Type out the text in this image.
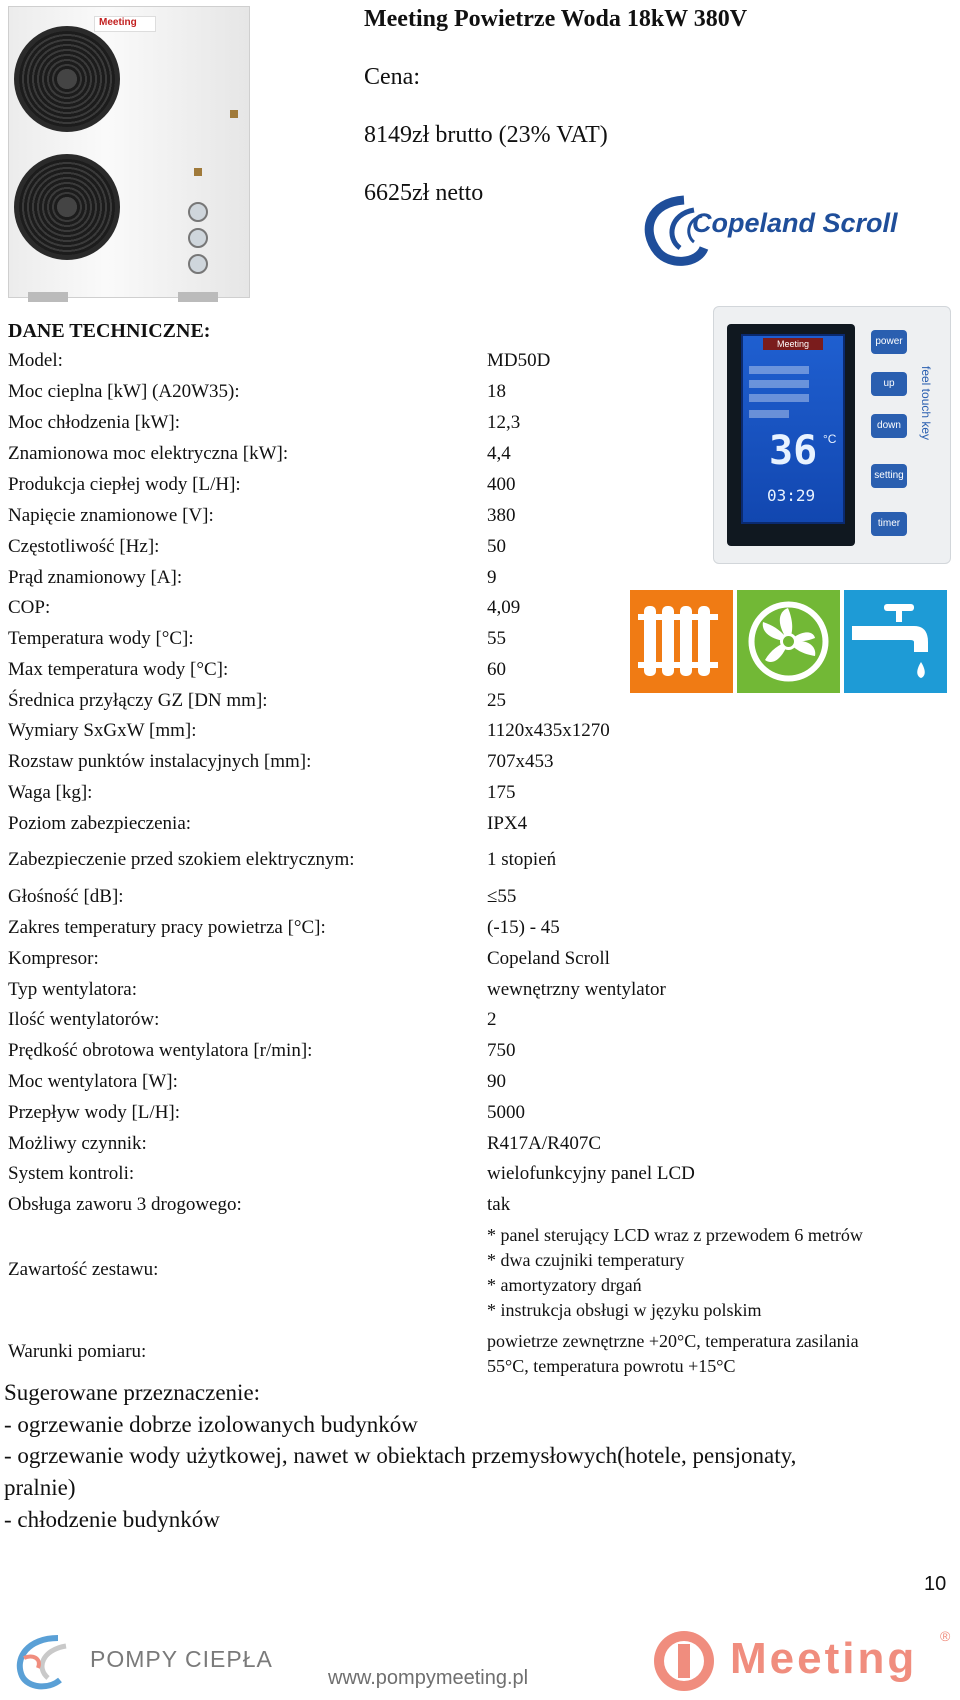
Meeting	Meeting Powietrze Woda 18kW 380V
Cena:
8149zł brutto (23% VAT)
6625zł netto
Copeland Scroll
Meeting
36 °C
03:29
power
up
down
setting
timer
feel touch key
DANE TECHNICZNE:
Model:	MD50D
Moc cieplna [kW] (A20W35):	18
Moc chłodzenia [kW]:	12,3
Znamionowa moc elektryczna [kW]:	4,4
Produkcja ciepłej wody [L/H]:	400
Napięcie znamionowe [V]:	380
Częstotliwość [Hz]:	50
Prąd znamionowy [A]:	9
COP:	4,09
Temperatura wody [°C]:	55
Max temperatura wody [°C]:	60
Średnica przyłączy GZ [DN mm]:	25
Wymiary SxGxW [mm]:	1120x435x1270
Rozstaw punktów instalacyjnych [mm]:	707x453
Waga [kg]:	175
Poziom zabezpieczenia:	IPX4
Zabezpieczenie przed szokiem elektrycznym:	1 stopień
Głośność [dB]:	≤55
Zakres temperatury pracy powietrza [°C]:	(-15) - 45
Kompresor:	Copeland Scroll
Typ wentylatora:	wewnętrzny wentylator
Ilość wentylatorów:	2
Prędkość obrotowa wentylatora [r/min]:	750
Moc wentylatora [W]:	90
Przepływ wody [L/H]:	5000
Możliwy czynnik:	R417A/R407C
System kontroli:	wielofunkcyjny panel LCD
Obsługa zaworu 3 drogowego:	tak
Zawartość zestawu:
* panel sterujący LCD wraz z przewodem 6 metrów
* dwa czujniki temperatury
* amortyzatory drgań
* instrukcja obsługi w języku polskim
Warunki pomiaru:	powietrze zewnętrzne +20°C, temperatura zasilania
55°C, temperatura powrotu +15°C
Sugerowane przeznaczenie:
- ogrzewanie dobrze izolowanych budynków
- ogrzewanie wody użytkowej, nawet w obiektach przemysłowych(hotele, pensjonaty,
pralnie)
- chłodzenie budynków
10
POMPY CIEPŁA
www.pompymeeting.pl	Meeting ®
